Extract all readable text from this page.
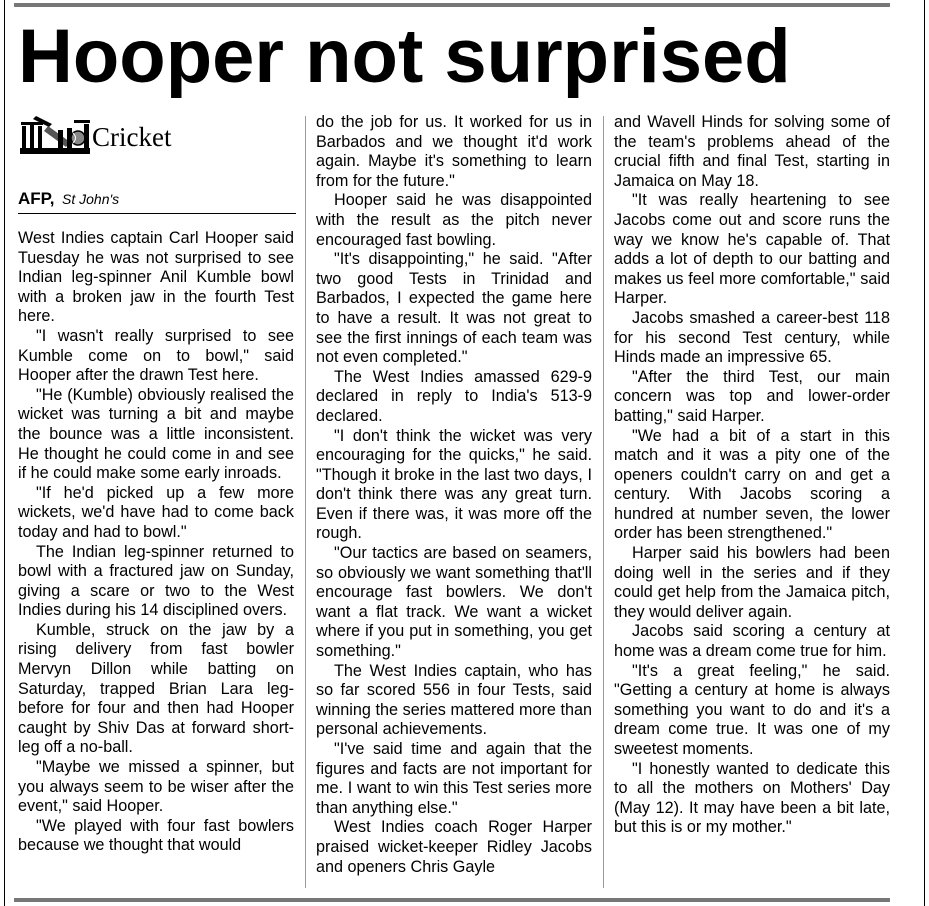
Hooper not surprised
Cricket
AFP, St John's

West Indies captain Carl Hooper said Tuesday he was not surprised to see Indian leg-spinner Anil Kumble bowl with a broken jaw in the fourth Test here.

"I wasn't really surprised to see Kumble come on to bowl," said Hooper after the drawn Test here.

"He (Kumble) obviously realised the wicket was turning a bit and maybe the bounce was a little inconsistent. He thought he could come in and see if he could make some early inroads.

"If he'd picked up a few more wickets, we'd have had to come back today and had to bowl."

The Indian leg-spinner returned to bowl with a fractured jaw on Sunday, giving a scare or two to the West Indies during his 14 disciplined overs.

Kumble, struck on the jaw by a rising delivery from fast bowler Mervyn Dillon while batting on Saturday, trapped Brian Lara leg-before for four and then had Hooper caught by Shiv Das at forward short-leg off a no-ball.

"Maybe we missed a spinner, but you always seem to be wiser after the event," said Hooper.

"We played with four fast bowlers because we thought that would

do the job for us. It worked for us in Barbados and we thought it'd work again. Maybe it's something to learn from for the future."

Hooper said he was disappointed with the result as the pitch never encouraged fast bowling.

"It's disappointing," he said. "After two good Tests in Trinidad and Barbados, I expected the game here to have a result. It was not great to see the first innings of each team was not even completed."

The West Indies amassed 629-9 declared in reply to India's 513-9 declared.

"I don't think the wicket was very encouraging for the quicks," he said. "Though it broke in the last two days, I don't think there was any great turn. Even if there was, it was more off the rough.

"Our tactics are based on seamers, so obviously we want something that'll encourage fast bowlers. We don't want a flat track. We want a wicket where if you put in something, you get something."

The West Indies captain, who has so far scored 556 in four Tests, said winning the series mattered more than personal achievements.

"I've said time and again that the figures and facts are not important for me. I want to win this Test series more than anything else."

West Indies coach Roger Harper praised wicket-keeper Ridley Jacobs and openers Chris Gayle

and Wavell Hinds for solving some of the team's problems ahead of the crucial fifth and final Test, starting in Jamaica on May 18.

"It was really heartening to see Jacobs come out and score runs the way we know he's capable of. That adds a lot of depth to our batting and makes us feel more comfortable," said Harper.

Jacobs smashed a career-best 118 for his second Test century, while Hinds made an impressive 65.

"After the third Test, our main concern was top and lower-order batting," said Harper.

"We had a bit of a start in this match and it was a pity one of the openers couldn't carry on and get a century. With Jacobs scoring a hundred at number seven, the lower order has been strengthened."

Harper said his bowlers had been doing well in the series and if they could get help from the Jamaica pitch, they would deliver again.

Jacobs said scoring a century at home was a dream come true for him.

"It's a great feeling," he said. "Getting a century at home is always something you want to do and it's a dream come true. It was one of my sweetest moments.

"I honestly wanted to dedicate this to all the mothers on Mothers' Day (May 12). It may have been a bit late, but this is or my mother."
